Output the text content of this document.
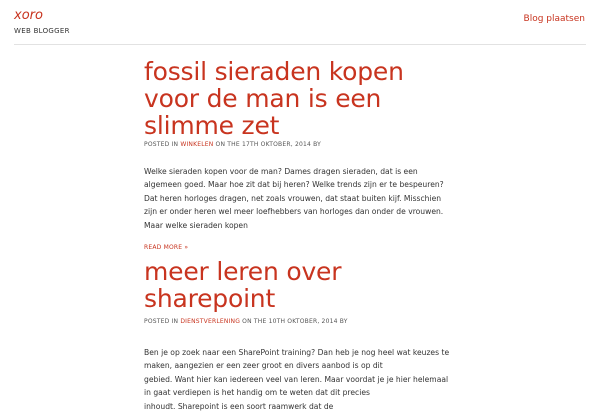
xoro
WEB BLOGGER
Blog plaatsen
fossil sieraden kopen voor de man is een slimme zet
POSTED IN WINKELEN ON THE 17TH OKTOBER, 2014 BY
Welke sieraden kopen voor de man? Dames dragen sieraden, dat is een algemeen goed. Maar hoe zit dat bij heren? Welke trends zijn er te bespeuren? Dat heren horloges dragen, net zoals vrouwen, dat staat buiten kijf. Misschien zijn er onder heren wel meer loefhebbers van horloges dan onder de vrouwen. Maar welke sieraden kopen
READ MORE »
meer leren over sharepoint
POSTED IN DIENSTVERLENING ON THE 10TH OKTOBER, 2014 BY
Ben je op zoek naar een SharePoint training? Dan heb je nog heel wat keuzes te maken, aangezien er een zeer groot en divers aanbod is op dit
gebied. Want hier kan iedereen veel van leren. Maar voordat je je hier helemaal in gaat verdiepen is het handig om te weten dat dit precies
inhoudt. Sharepoint is een soort raamwerk dat de
